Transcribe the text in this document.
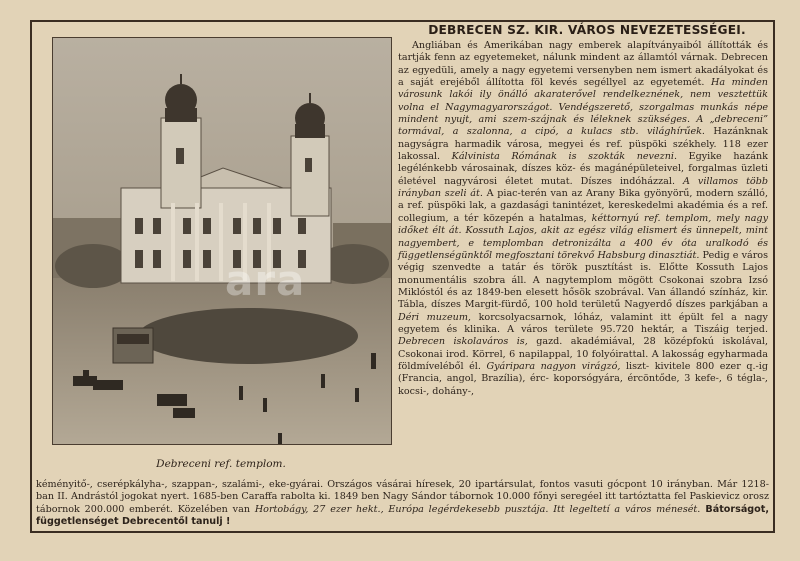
DEBRECEN SZ. KIR. VÁROS NEVEZETESSÉGEI.
ara
Debreceni ref. templom.
Angliában és Amerikában nagy emberek alapítványaiból állították és tartják fenn az egyetemeket, nálunk mindent az államtól várnak. Debrecen az egyedüli, amely a nagy egyetemi versenyben nem ismert akadályokat és a saját erejéből állította föl kevés segéllyel az egyetemét. Ha minden városunk lakói ily önálló akaraterővel rendelkeznének, nem vesztettük volna el Nagymagyarországot. Vendégszerető, szorgalmas munkás népe mindent nyujt, ami szem-szájnak és léleknek szükséges. A „debreceni” tormával, a szalonna, a cipó, a kulacs stb. világhírűek. Hazánknak nagyságra harmadik városa, megyei és ref. püspöki székhely. 118 ezer lakossal. Kálvinista Rómának is szokták nevezni. Egyike hazánk legélénkebb városainak, díszes köz- és magánépületeivel, forgalmas üzleti életével nagyvárosi életet mutat. Díszes indóházzal. A villamos több irányban szeli át. A piac-terén van az Arany Bika gyönyörű, modern szálló, a ref. püspöki lak, a gazdasági tanintézet, kereskedelmi akadémia és a ref. collegium, a tér közepén a hatalmas, kéttornyú ref. templom, mely nagy időket élt át. Kossuth Lajos, akit az egész világ elismert és ünnepelt, mint nagyembert, e templomban detronizálta a 400 év óta uralkodó és függetlenségünktől megfosztani törekvő Habsburg dinasztiát. Pedig e város végig szenvedte a tatár és török pusztítást is. Előtte Kossuth Lajos monumentális szobra áll. A nagytemplom mögött Csokonai szobra Izsó Miklóstól és az 1849-ben elesett hősök szobrával. Van állandó színház, kir. Tábla, díszes Margit-fürdő, 100 hold területű Nagyerdő díszes parkjában a Déri muzeum, korcsolyacsarnok, lóház, valamint itt épült fel a nagy egyetem és klinika. A város területe 95.720 hektár, a Tiszáig terjed. Debrecen iskolaváros is, gazd. akadémiával, 28 középfokú iskolával, Csokonai irod. Körrel, 6 napilappal, 10 folyóirattal. A lakosság egyharmada földmíveléből él. Gyáripara nagyon virágzó, liszt- kivitele 800 ezer q.-ig (Francia, angol, Brazília), érc- koporsógyára, ércöntőde, 3 kefe-, 6 tégla-, kocsi-, dohány-,
kéményitő-, cserépkályha-, szappan-, szalámi-, eke-gyárai. Országos vásárai híresek, 20 ipartársulat, fontos vasuti gócpont 10 irányban. Már 1218-ban II. Andrástól jogokat nyert. 1685-ben Caraffa rabolta ki. 1849 ben Nagy Sándor tábornok 10.000 főnyi seregéel itt tartóztatta fel Paskievicz orosz tábornok 200.000 emberét. Közelében van Hortobágy, 27 ezer hekt., Európa legérdekesebb pusztája. Itt legeltetí a város ménesét. Bátorságot, függetlenséget Debrecentől tanulj !
